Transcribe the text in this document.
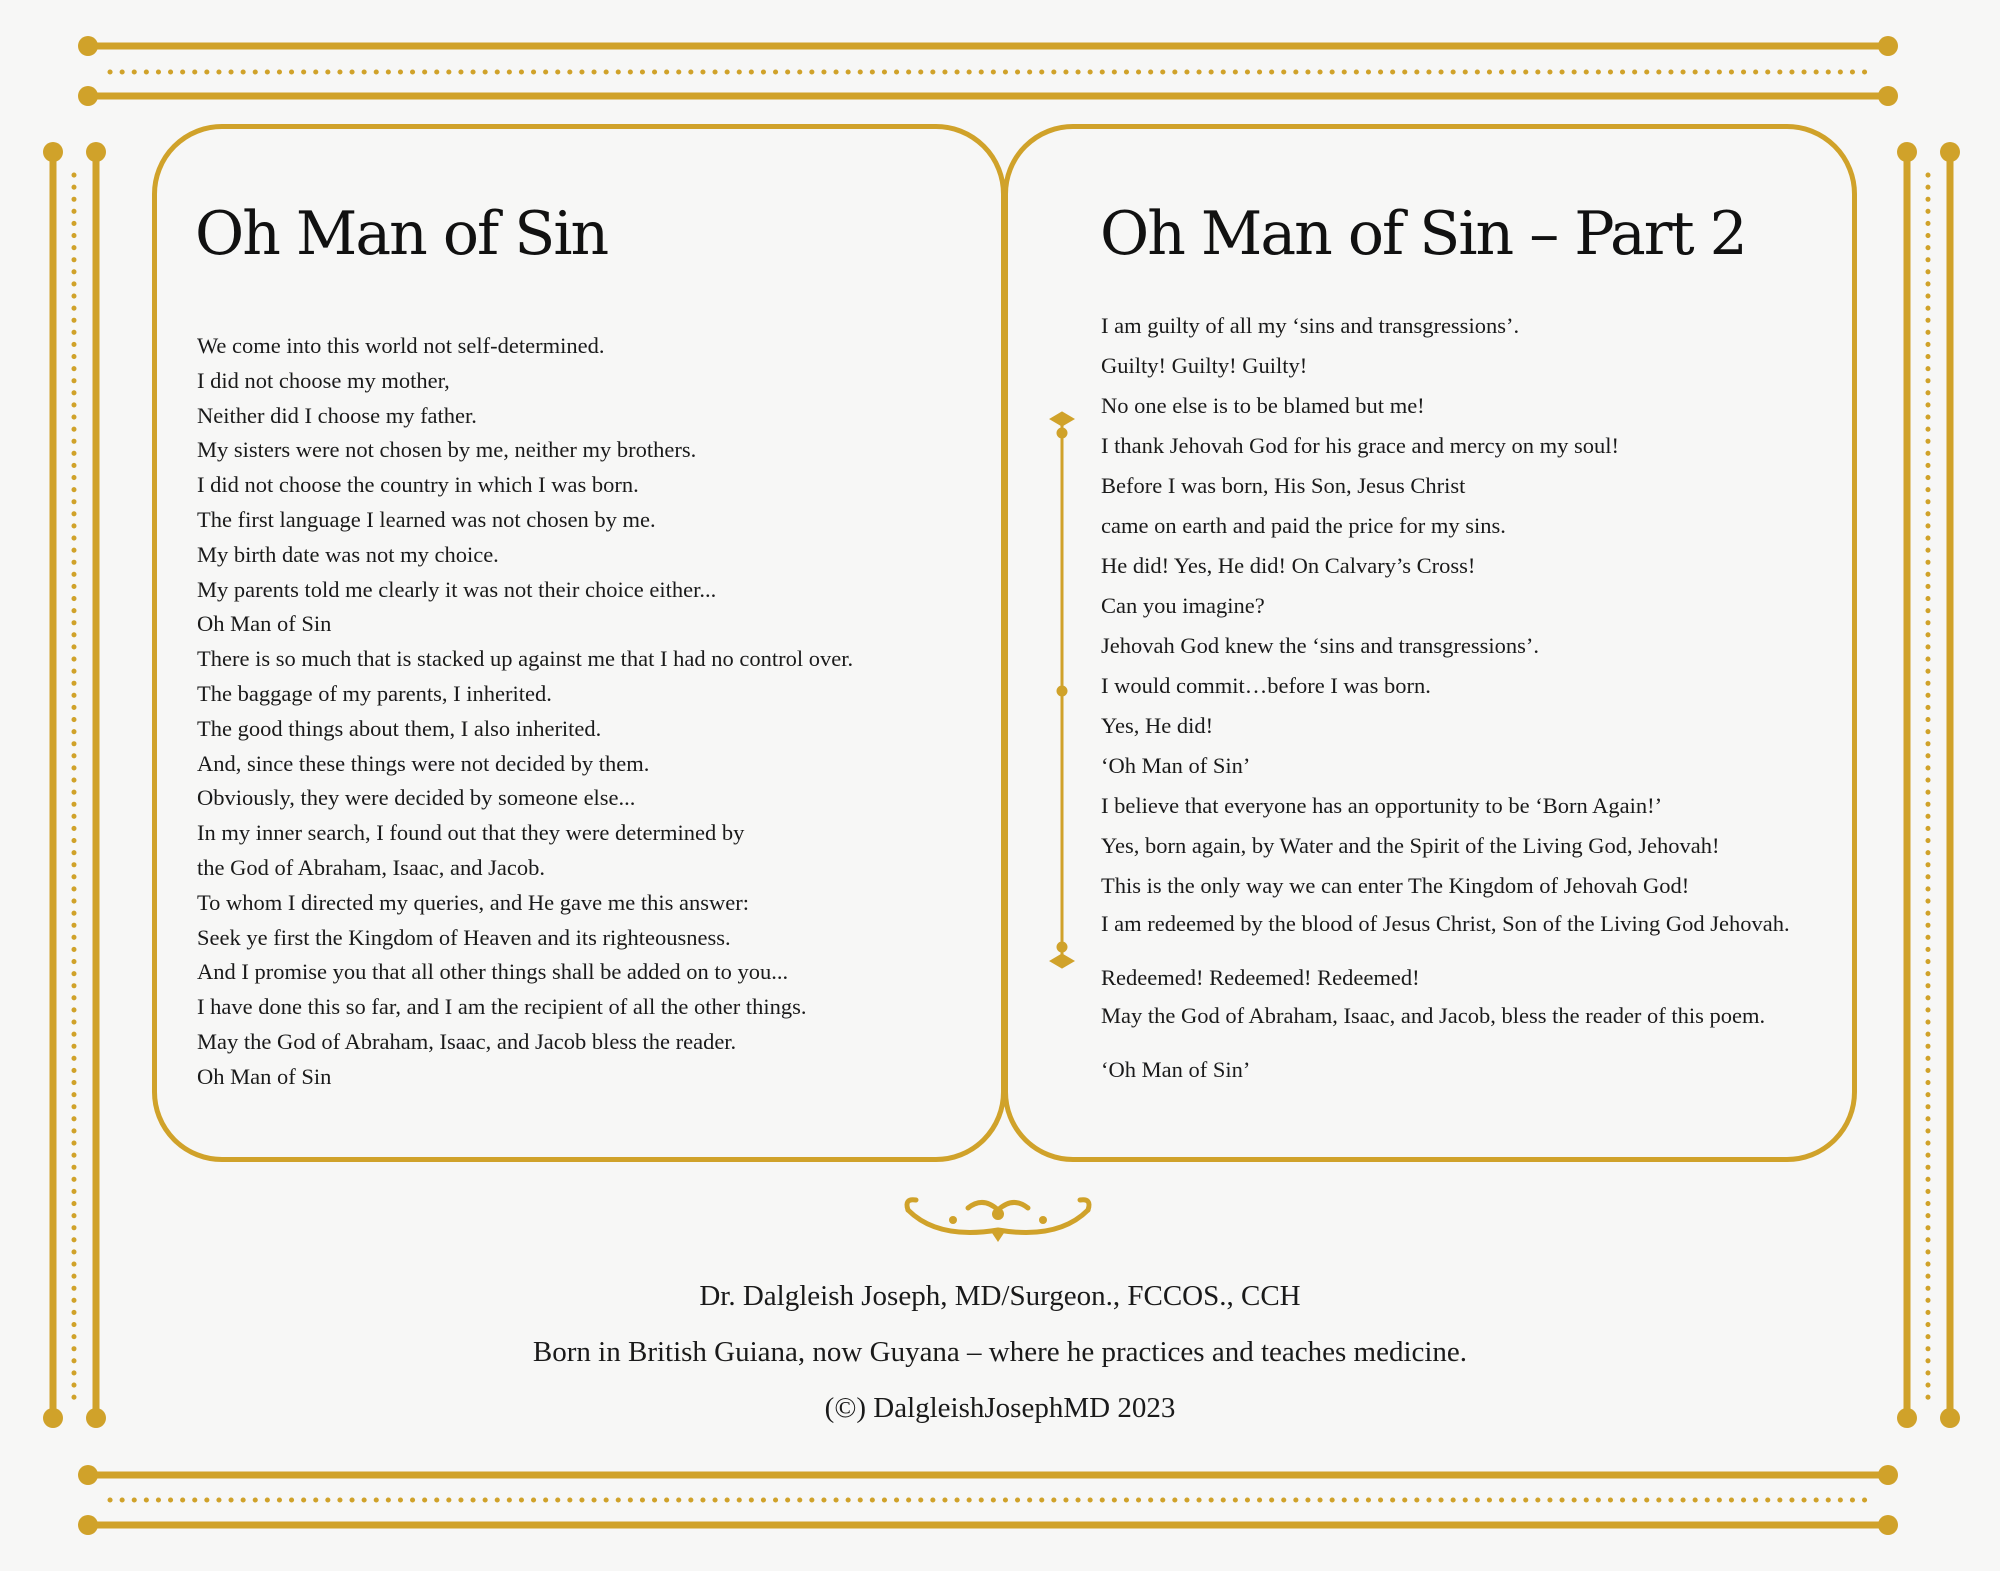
Oh Man of Sin
We come into this world not self-determined.
I did not choose my mother,
Neither did I choose my father.
My sisters were not chosen by me, neither my brothers.
I did not choose the country in which I was born.
The first language I learned was not chosen by me.
My birth date was not my choice.
My parents told me clearly it was not their choice either...
Oh Man of Sin
There is so much that is stacked up against me that I had no control over.
The baggage of my parents, I inherited.
The good things about them, I also inherited.
And, since these things were not decided by them.
Obviously, they were decided by someone else...
In my inner search, I found out that they were determined by
the God of Abraham, Isaac, and Jacob.
To whom I directed my queries, and He gave me this answer:
Seek ye first the Kingdom of Heaven and its righteousness.
And I promise you that all other things shall be added on to you...
I have done this so far, and I am the recipient of all the other things.
May the God of Abraham, Isaac, and Jacob bless the reader.
Oh Man of Sin
Oh Man of Sin – Part 2
I am guilty of all my ‘sins and transgressions’.
Guilty! Guilty! Guilty!
No one else is to be blamed but me!
I thank Jehovah God for his grace and mercy on my soul!
Before I was born, His Son, Jesus Christ
came on earth and paid the price for my sins.
He did! Yes, He did! On Calvary’s Cross!
Can you imagine?
Jehovah God knew the ‘sins and transgressions’.
I would commit…before I was born.
Yes, He did!
‘Oh Man of Sin’
I believe that everyone has an opportunity to be ‘Born Again!’
Yes, born again, by Water and the Spirit of the Living God, Jehovah!
This is the only way we can enter The Kingdom of Jehovah God!
I am redeemed by the blood of Jesus Christ, Son of the Living God Jehovah.
Redeemed! Redeemed! Redeemed!
May the God of Abraham, Isaac, and Jacob, bless the reader of this poem.
‘Oh Man of Sin’
Dr. Dalgleish Joseph, MD/Surgeon., FCCOS., CCH
Born in British Guiana, now Guyana – where he practices and teaches medicine.
(©) DalgleishJosephMD 2023
